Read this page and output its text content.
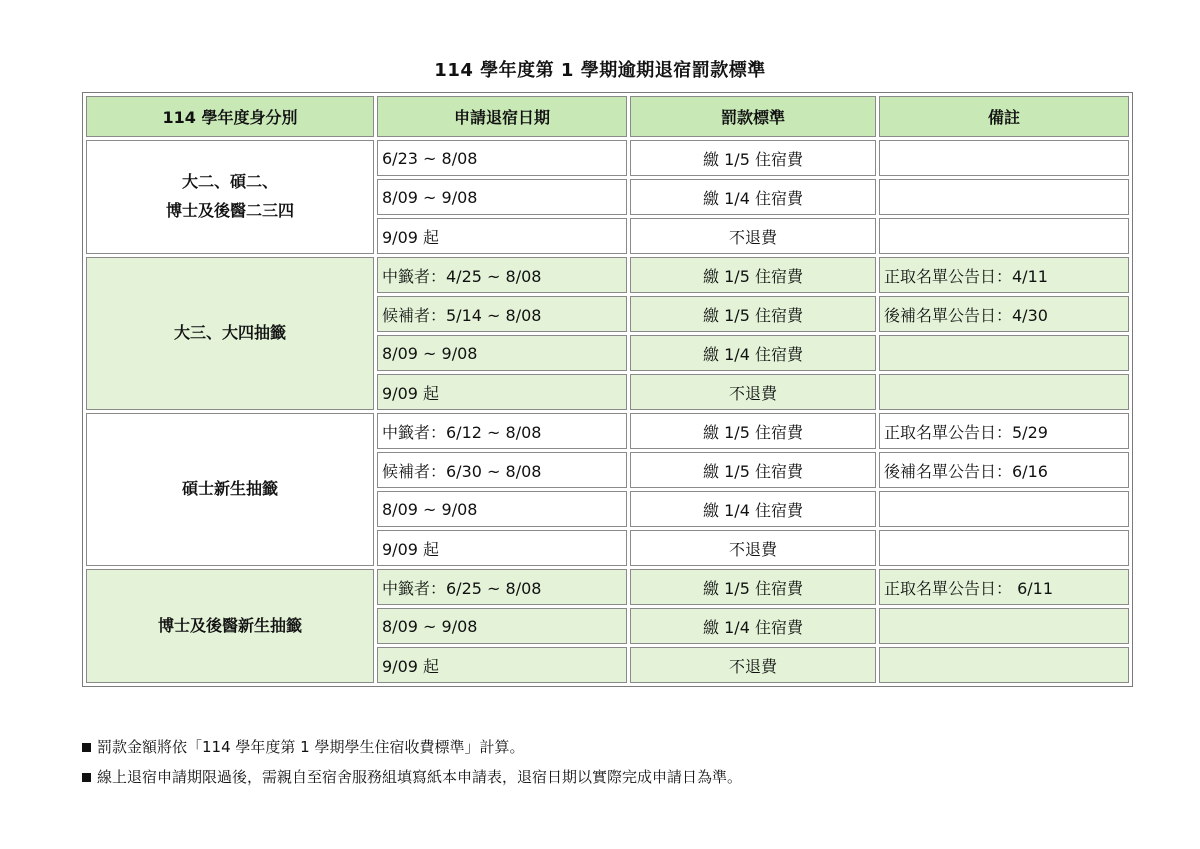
114 學年度第 1 學期逾期退宿罰款標準
114 學年度身分別	申請退宿日期	罰款標準	備註

大二、碩二、
博士及後醫二三四	6/23 ~ 8/08	繳 1/5 住宿費	
	8/09 ~ 9/08	繳 1/4 住宿費	
	9/09 起	不退費	

大三、大四抽籤	中籤者：4/25 ~ 8/08	繳 1/5 住宿費	正取名單公告日：4/11
	候補者：5/14 ~ 8/08	繳 1/5 住宿費	後補名單公告日：4/30
	8/09 ~ 9/08	繳 1/4 住宿費	
	9/09 起	不退費	

碩士新生抽籤	中籤者：6/12 ~ 8/08	繳 1/5 住宿費	正取名單公告日：5/29
	候補者：6/30 ~ 8/08	繳 1/5 住宿費	後補名單公告日：6/16
	8/09 ~ 9/08	繳 1/4 住宿費	
	9/09 起	不退費	

博士及後醫新生抽籤	中籤者：6/25 ~ 8/08	繳 1/5 住宿費	正取名單公告日： 6/11
	8/09 ~ 9/08	繳 1/4 住宿費	
	9/09 起	不退費	
罰款金額將依「114 學年度第 1 學期學生住宿收費標準」計算。
線上退宿申請期限過後，需親自至宿舍服務組填寫紙本申請表，退宿日期以實際完成申請日為準。
